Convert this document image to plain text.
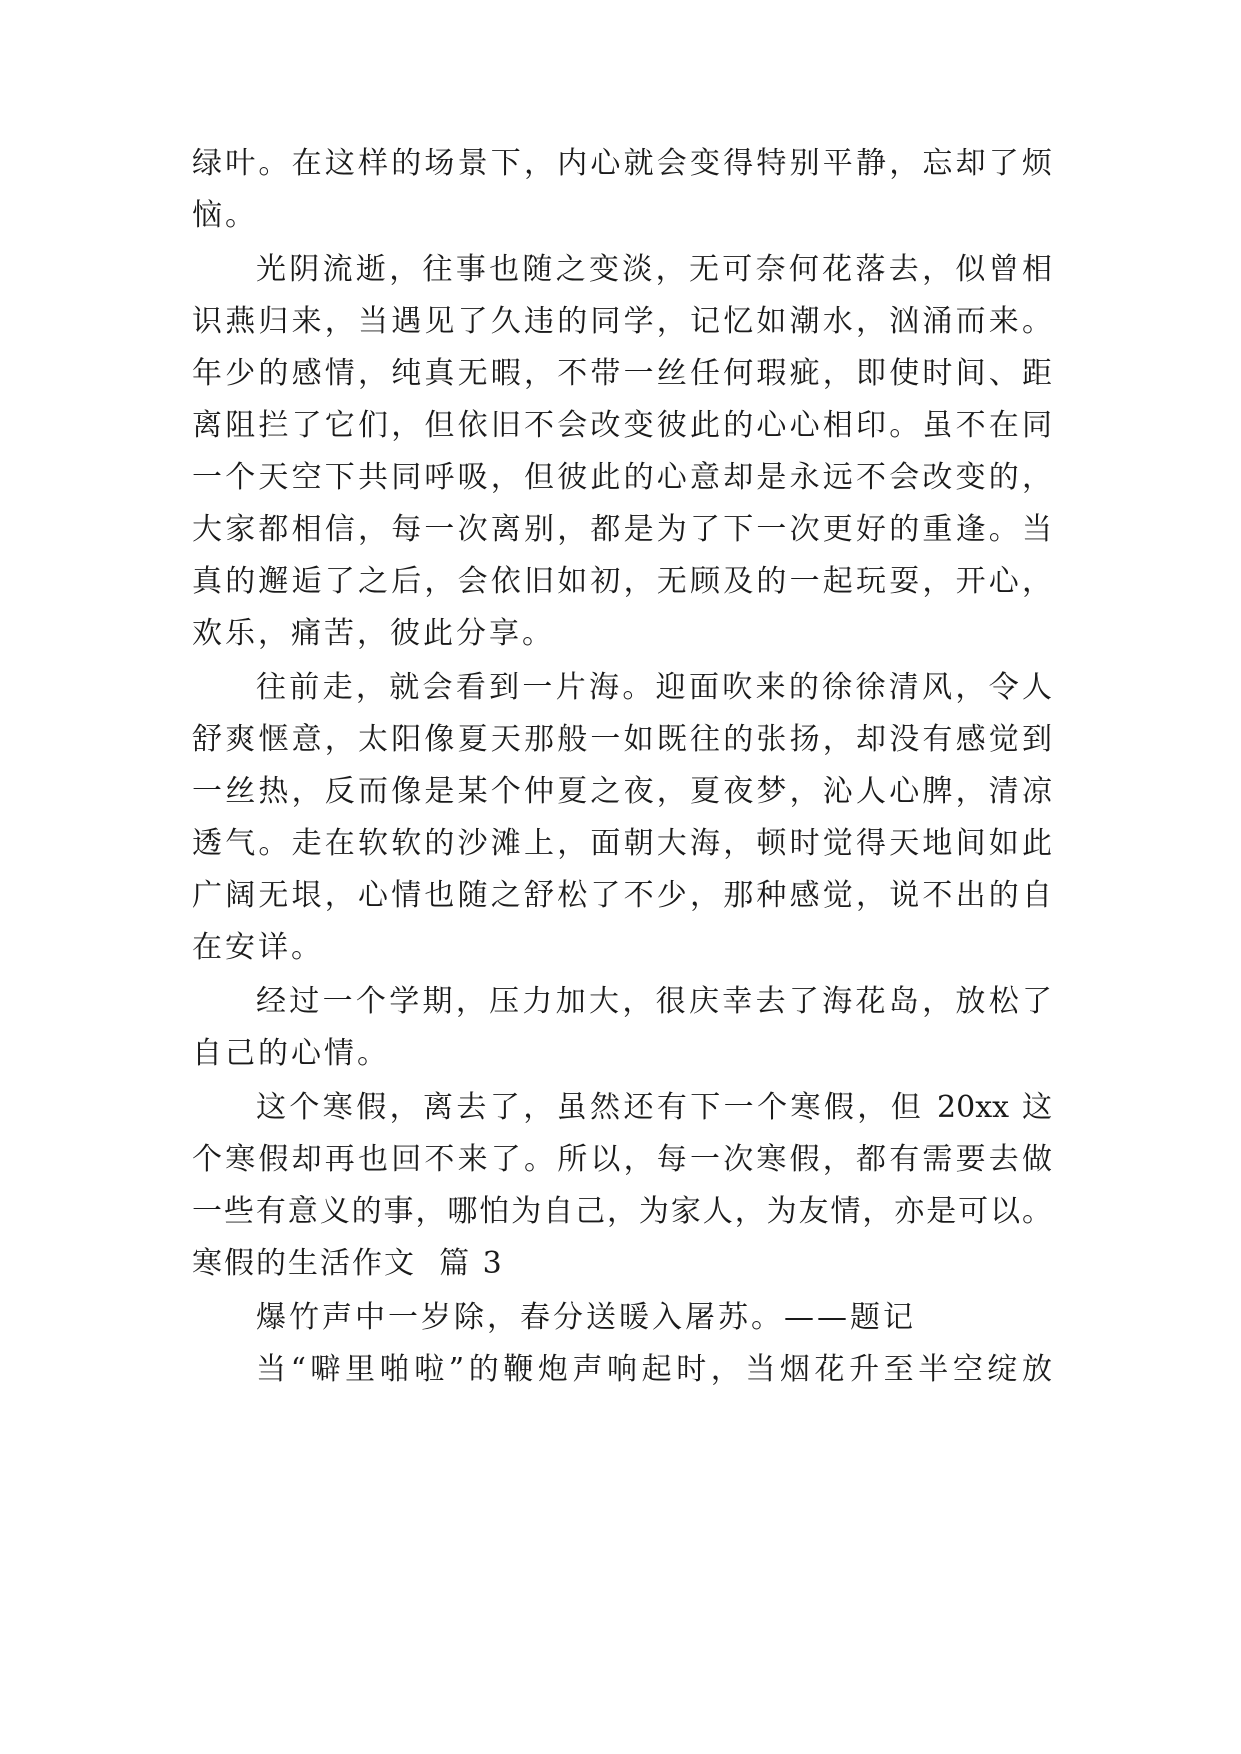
绿叶。在这样的场景下，内心就会变得特别平静，忘却了烦
恼。
光阴流逝，往事也随之变淡，无可奈何花落去，似曾相
识燕归来，当遇见了久违的同学，记忆如潮水，汹涌而来。
年少的感情，纯真无暇，不带一丝任何瑕疵，即使时间、距
离阻拦了它们，但依旧不会改变彼此的心心相印。虽不在同
一个天空下共同呼吸，但彼此的心意却是永远不会改变的，
大家都相信，每一次离别，都是为了下一次更好的重逢。当
真的邂逅了之后，会依旧如初，无顾及的一起玩耍，开心，
欢乐，痛苦，彼此分享。
往前走，就会看到一片海。迎面吹来的徐徐清风，令人
舒爽惬意，太阳像夏天那般一如既往的张扬，却没有感觉到
一丝热，反而像是某个仲夏之夜，夏夜梦，沁人心脾，清凉
透气。走在软软的沙滩上，面朝大海，顿时觉得天地间如此
广阔无垠，心情也随之舒松了不少，那种感觉，说不出的自
在安详。
经过一个学期，压力加大，很庆幸去了海花岛，放松了
自己的心情。
这个寒假，离去了，虽然还有下一个寒假，但 20xx 这
个寒假却再也回不来了。所以，每一次寒假，都有需要去做
一些有意义的事，哪怕为自己，为家人，为友情，亦是可以。
寒假的生活作文  篇 3
爆竹声中一岁除，春分送暖入屠苏。——题记
当“噼里啪啦”的鞭炮声响起时，当烟花升至半空绽放
